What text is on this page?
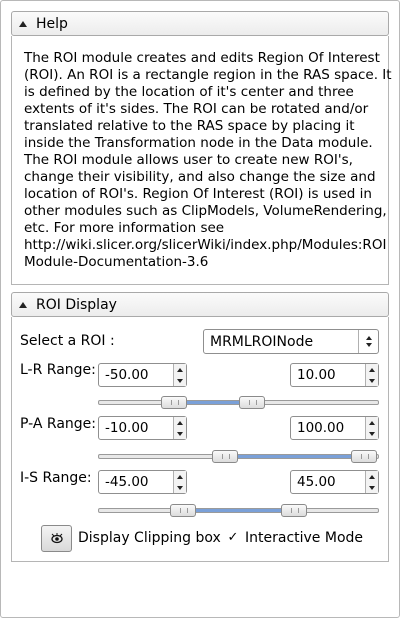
Help
The ROI module creates and edits Region Of Interest
(ROI). An ROI is a rectangle region in the RAS space. It
is defined by the location of it's center and three
extents of it's sides. The ROI can be rotated and/or
translated relative to the RAS space by placing it
inside the Transformation node in the Data module.
The ROI module allows user to create new ROI's,
change their visibility, and also change the size and
location of ROI's. Region Of Interest (ROI) is used in
other modules such as ClipModels, VolumeRendering,
etc. For more information see
http://wiki.slicer.org/slicerWiki/index.php/Modules:ROI
Module-Documentation-3.6
ROI Display
Select a ROI :	MRMLROINode
L-R Range: -50.00	10.00
P-A Range: -10.00	100.00
I-S Range: -45.00	45.00
Display Clipping box ✓ Interactive Mode
